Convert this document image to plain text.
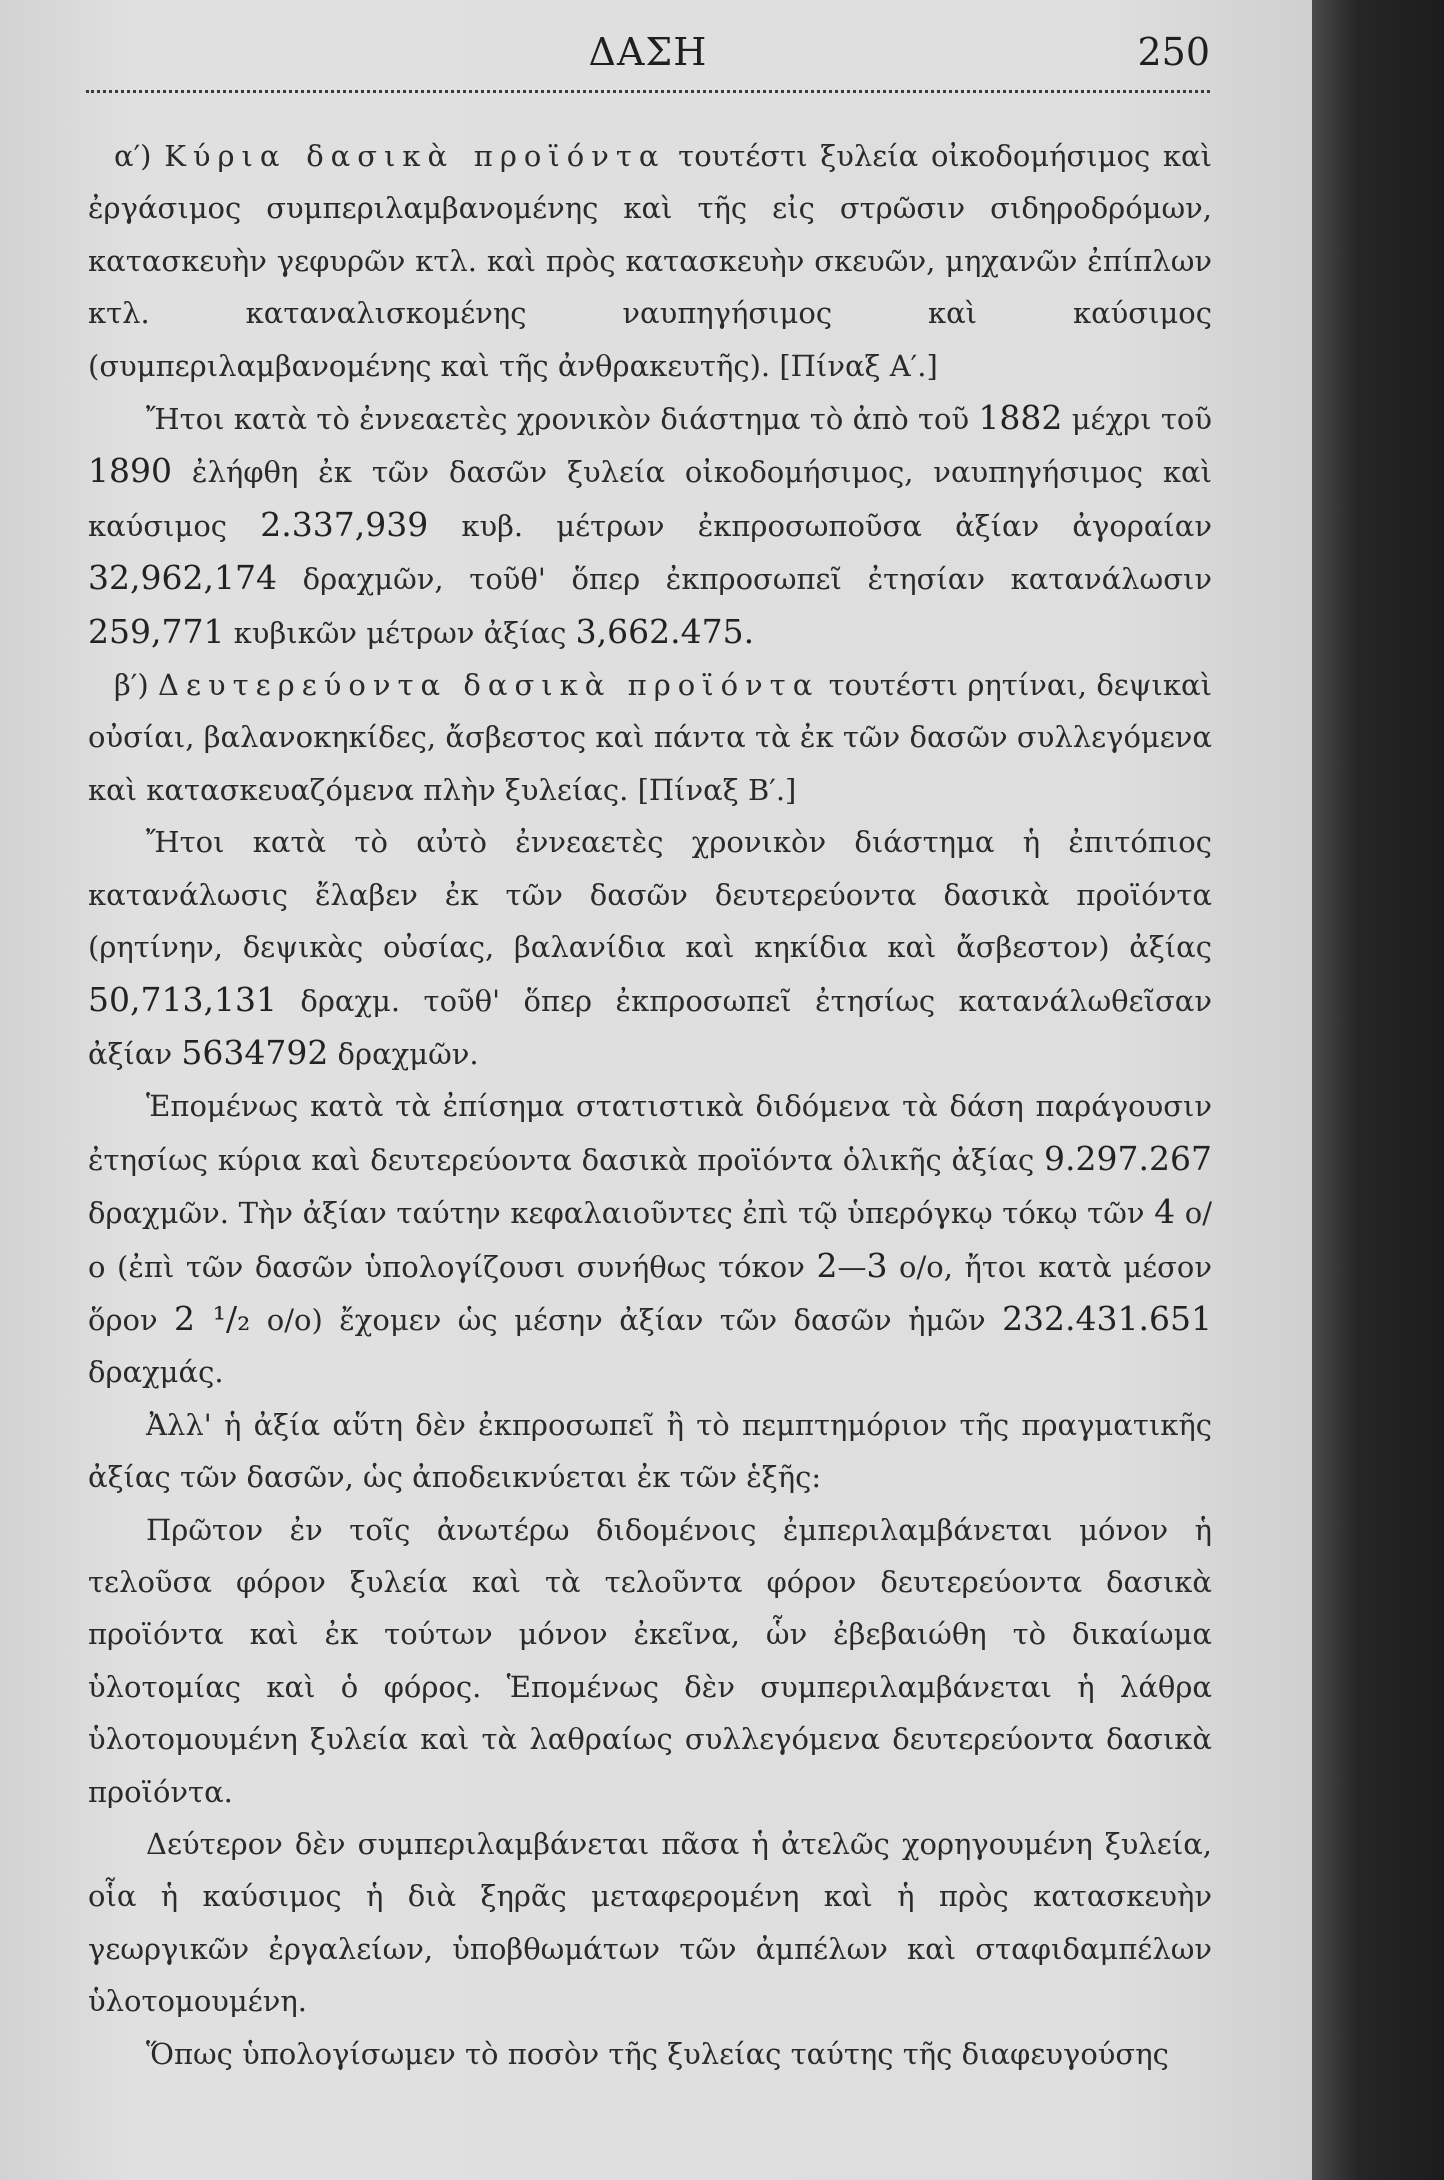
ΔΑΣΗ	250

α′) Κύρια δασικὰ προϊόντα τουτέστι ξυλεία οἰκοδομήσιμος καὶ ἐργάσιμος συμπεριλαμβανομένης καὶ τῆς εἰς στρῶσιν σιδηροδρόμων, κατασκευὴν γεφυρῶν κτλ. καὶ πρὸς κατασκευὴν σκευῶν, μηχανῶν ἐπίπλων κτλ. καταναλισκομένης ναυπηγήσιμος καὶ καύσιμος (συμπεριλαμβανομένης καὶ τῆς ἀνθρακευτῆς). [Πίναξ Α′.]

Ἤτοι κατὰ τὸ ἐννεαετὲς χρονικὸν διάστημα τὸ ἀπὸ τοῦ 1882 μέχρι τοῦ 1890 ἐλήφθη ἐκ τῶν δασῶν ξυλεία οἰκοδομήσιμος, ναυπηγήσιμος καὶ καύσιμος 2.337,939 κυβ. μέτρων ἐκπροσωποῦσα ἀξίαν ἀγοραίαν 32,962,174 δραχμῶν, τοῦθ' ὅπερ ἐκπροσωπεῖ ἐτησίαν κατανάλωσιν 259,771 κυβικῶν μέτρων ἀξίας 3,662.475.

β′) Δευτερεύοντα δασικὰ προϊόντα τουτέστι ρητίναι, δεψικαὶ οὐσίαι, βαλανοκηκίδες, ἄσβεστος καὶ πάντα τὰ ἐκ τῶν δασῶν συλλεγόμενα καὶ κατασκευαζόμενα πλὴν ξυλείας. [Πίναξ Β′.]

Ἤτοι κατὰ τὸ αὐτὸ ἐννεαετὲς χρονικὸν διάστημα ἡ ἐπιτόπιος κατανάλωσις ἔλαβεν ἐκ τῶν δασῶν δευτερεύοντα δασικὰ προϊόντα (ρητίνην, δεψικὰς οὐσίας, βαλανίδια καὶ κηκίδια καὶ ἄσβεστον) ἀξίας 50,713,131 δραχμ. τοῦθ' ὅπερ ἐκπροσωπεῖ ἐτησίως κατανάλωθεῖσαν ἀξίαν 5634792 δραχμῶν.

Ἑπομένως κατὰ τὰ ἐπίσημα στατιστικὰ διδόμενα τὰ δάση παράγουσιν ἐτησίως κύρια καὶ δευτερεύοντα δασικὰ προϊόντα ὁλικῆς ἀξίας 9.297.267 δραχμῶν. Τὴν ἀξίαν ταύτην κεφαλαιοῦντες ἐπὶ τῷ ὑπερόγκῳ τόκῳ τῶν 4 ο/ο (ἐπὶ τῶν δασῶν ὑπολογίζουσι συνήθως τόκον 2—3 ο/ο, ἤτοι κατὰ μέσον ὅρον 2 ¹/₂ ο/ο) ἔχομεν ὡς μέσην ἀξίαν τῶν δασῶν ἡμῶν 232.431.651 δραχμάς.

Ἀλλ' ἡ ἀξία αὕτη δὲν ἐκπροσωπεῖ ἢ τὸ πεμπτημόριον τῆς πραγματικῆς ἀξίας τῶν δασῶν, ὡς ἀποδεικνύεται ἐκ τῶν ἑξῆς:

Πρῶτον ἐν τοῖς ἀνωτέρω διδομένοις ἐμπεριλαμβάνεται μόνον ἡ τελοῦσα φόρον ξυλεία καὶ τὰ τελοῦντα φόρον δευτερεύοντα δασικὰ προϊόντα καὶ ἐκ τούτων μόνον ἐκεῖνα, ὧν ἐβεβαιώθη τὸ δικαίωμα ὑλοτομίας καὶ ὁ φόρος. Ἑπομένως δὲν συμπεριλαμβάνεται ἡ λάθρα ὑλοτομουμένη ξυλεία καὶ τὰ λαθραίως συλλεγόμενα δευτερεύοντα δασικὰ προϊόντα.

Δεύτερον δὲν συμπεριλαμβάνεται πᾶσα ἡ ἀτελῶς χορηγουμένη ξυλεία, οἷα ἡ καύσιμος ἡ διὰ ξηρᾶς μεταφερομένη καὶ ἡ πρὸς κατασκευὴν γεωργικῶν ἐργαλείων, ὑποβθωμάτων τῶν ἀμπέλων καὶ σταφιδαμπέλων ὑλοτομουμένη.

Ὅπως ὑπολογίσωμεν τὸ ποσὸν τῆς ξυλείας ταύτης τῆς διαφευγούσης
